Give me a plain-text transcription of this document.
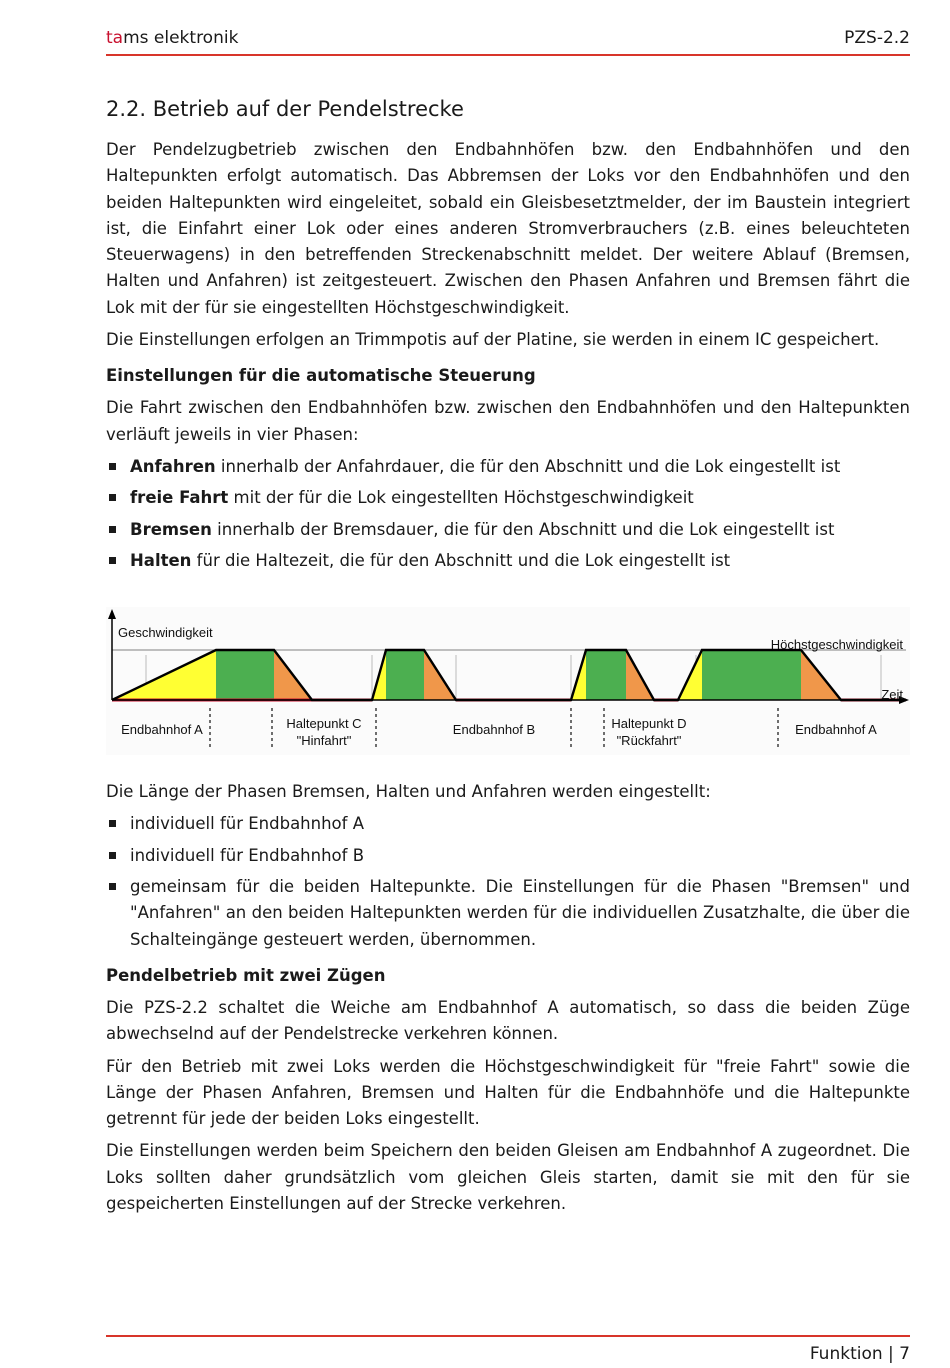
tams elektronik	PZS-2.2
2.2. Betrieb auf der Pendelstrecke

Der Pendelzugbetrieb zwischen den Endbahnhöfen bzw. den Endbahnhöfen und den Haltepunkten erfolgt automatisch. Das Abbremsen der Loks vor den Endbahnhöfen und den beiden Haltepunkten wird eingeleitet, sobald ein Gleisbesetztmelder, der im Baustein integriert ist, die Einfahrt einer Lok oder eines anderen Stromverbrauchers (z.B. eines beleuchteten Steuerwagens) in den betreffenden Streckenabschnitt meldet. Der weitere Ablauf (Bremsen, Halten und Anfahren) ist zeitgesteuert. Zwischen den Phasen Anfahren und Bremsen fährt die Lok mit der für sie eingestellten Höchstgeschwindigkeit.

Die Einstellungen erfolgen an Trimmpotis auf der Platine, sie werden in einem IC gespeichert.

Einstellungen für die automatische Steuerung

Die Fahrt zwischen den Endbahnhöfen bzw. zwischen den Endbahnhöfen und den Haltepunkten verläuft jeweils in vier Phasen:

Anfahren innerhalb der Anfahrdauer, die für den Abschnitt und die Lok eingestellt ist
freie Fahrt mit der für die Lok eingestellten Höchstgeschwindigkeit
Bremsen innerhalb der Bremsdauer, die für den Abschnitt und die Lok eingestellt ist
Halten für die Haltezeit, die für den Abschnitt und die Lok eingestellt ist
Endbahnhof A	Haltepunkt C
"Hinfahrt"
Endbahnhof B	Haltepunkt D
"Rückfahrt"
Endbahnhof A
Geschwindigkeit
Höchstgeschwindigkeit
Zeit

Die Länge der Phasen Bremsen, Halten und Anfahren werden eingestellt:

individuell für Endbahnhof A
individuell für Endbahnhof B
gemeinsam für die beiden Haltepunkte. Die Einstellungen für die Phasen "Bremsen" und "Anfahren" an den beiden Haltepunkten werden für die individuellen Zusatzhalte, die über die Schalteingänge gesteuert werden, übernommen.
Pendelbetrieb mit zwei Zügen

Die PZS-2.2 schaltet die Weiche am Endbahnhof A automatisch, so dass die beiden Züge abwechselnd auf der Pendelstrecke verkehren können.

Für den Betrieb mit zwei Loks werden die Höchstgeschwindigkeit für "freie Fahrt" sowie die Länge der Phasen Anfahren, Bremsen und Halten für die Endbahnhöfe und die Haltepunkte getrennt für jede der beiden Loks eingestellt.

Die Einstellungen werden beim Speichern den beiden Gleisen am Endbahnhof A zugeordnet. Die Loks sollten daher grundsätzlich vom gleichen Gleis starten, damit sie mit den für sie gespeicherten Einstellungen auf der Strecke verkehren.

Funktion | 7
